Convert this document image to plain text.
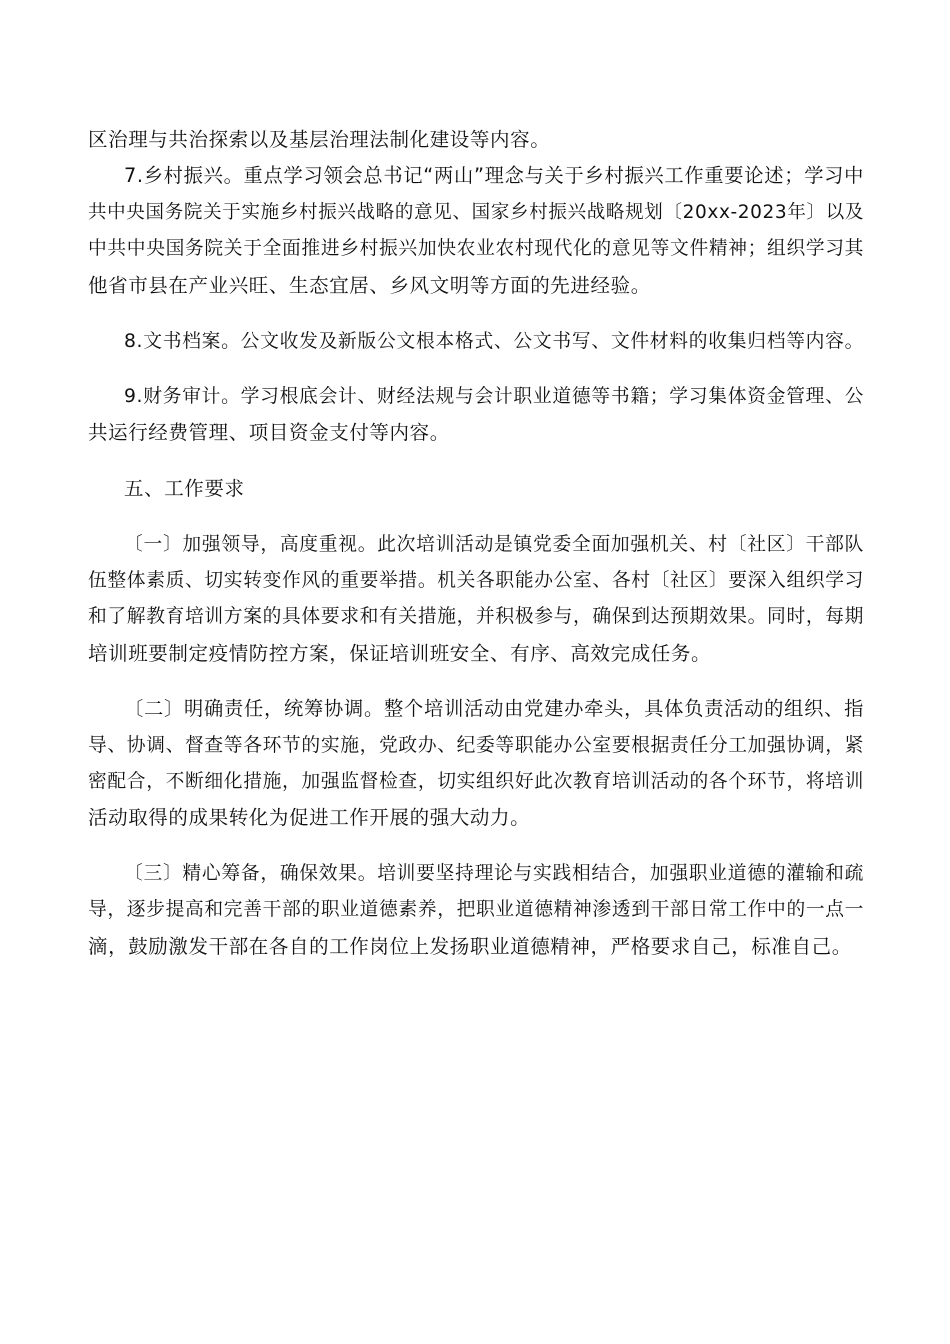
区治理与共治探索以及基层治理法制化建设等内容。
7.乡村振兴。重点学习领会总书记“两山”理念与关于乡村振兴工作重要论述；学习中
共中央国务院关于实施乡村振兴战略的意见、国家乡村振兴战略规划〔20xx-2023年〕以及
中共中央国务院关于全面推进乡村振兴加快农业农村现代化的意见等文件精神；组织学习其
他省市县在产业兴旺、生态宜居、乡风文明等方面的先进经验。
8.文书档案。公文收发及新版公文根本格式、公文书写、文件材料的收集归档等内容。
9.财务审计。学习根底会计、财经法规与会计职业道德等书籍；学习集体资金管理、公
共运行经费管理、项目资金支付等内容。
五、工作要求
〔一〕加强领导，高度重视。此次培训活动是镇党委全面加强机关、村〔社区〕干部队
伍整体素质、切实转变作风的重要举措。机关各职能办公室、各村〔社区〕要深入组织学习
和了解教育培训方案的具体要求和有关措施，并积极参与，确保到达预期效果。同时，每期
培训班要制定疫情防控方案，保证培训班安全、有序、高效完成任务。
〔二〕明确责任，统筹协调。整个培训活动由党建办牵头，具体负责活动的组织、指
导、协调、督查等各环节的实施，党政办、纪委等职能办公室要根据责任分工加强协调，紧
密配合，不断细化措施，加强监督检查，切实组织好此次教育培训活动的各个环节，将培训
活动取得的成果转化为促进工作开展的强大动力。
〔三〕精心筹备，确保效果。培训要坚持理论与实践相结合，加强职业道德的灌输和疏
导，逐步提高和完善干部的职业道德素养，把职业道德精神渗透到干部日常工作中的一点一
滴，鼓励激发干部在各自的工作岗位上发扬职业道德精神，严格要求自己，标准自己。
